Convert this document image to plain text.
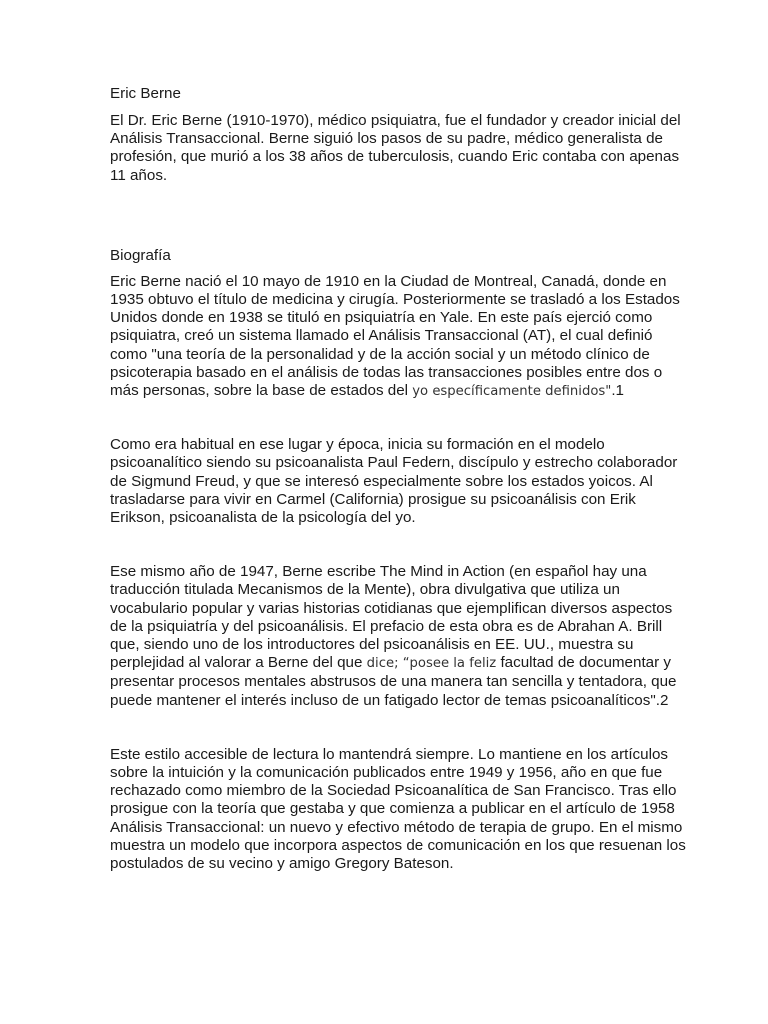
Eric Berne

El Dr. Eric Berne (1910-1970), médico psiquiatra, fue el fundador y creador inicial del Análisis Transaccional. Berne siguió los pasos de su padre, médico generalista de profesión, que murió a los 38 años de tuberculosis, cuando Eric contaba con apenas 11 años.

Biografía

Eric Berne nació el 10 mayo de 1910 en la Ciudad de Montreal, Canadá, donde en 1935 obtuvo el título de medicina y cirugía. Posteriormente se trasladó a los Estados Unidos donde en 1938 se tituló en psiquiatría en Yale. En este país ejerció como psiquiatra, creó un sistema llamado el Análisis Transaccional (AT), el cual definió como "una teoría de la personalidad y de la acción social y un método clínico de psicoterapia basado en el análisis de todas las transacciones posibles entre dos o más personas, sobre la base de estados del yo específicamente definidos".1

Como era habitual en ese lugar y época, inicia su formación en el modelo psicoanalítico siendo su psicoanalista Paul Federn, discípulo y estrecho colaborador de Sigmund Freud, y que se interesó especialmente sobre los estados yoicos. Al trasladarse para vivir en Carmel (California) prosigue su psicoanálisis con Erik Erikson, psicoanalista de la psicología del yo.

Ese mismo año de 1947, Berne escribe The Mind in Action (en español hay una traducción titulada Mecanismos de la Mente), obra divulgativa que utiliza un vocabulario popular y varias historias cotidianas que ejemplifican diversos aspectos de la psiquiatría y del psicoanálisis. El prefacio de esta obra es de Abrahan A. Brill que, siendo uno de los introductores del psicoanálisis en EE. UU., muestra su perplejidad al valorar a Berne del que dice; “posee la feliz facultad de documentar y presentar procesos mentales abstrusos de una manera tan sencilla y tentadora, que puede mantener el interés incluso de un fatigado lector de temas psicoanalíticos".2

Este estilo accesible de lectura lo mantendrá siempre. Lo mantiene en los artículos sobre la intuición y la comunicación publicados entre 1949 y 1956, año en que fue rechazado como miembro de la Sociedad Psicoanalítica de San Francisco. Tras ello prosigue con la teoría que gestaba y que comienza a publicar en el artículo de 1958 Análisis Transaccional: un nuevo y efectivo método de terapia de grupo. En el mismo muestra un modelo que incorpora aspectos de comunicación en los que resuenan los postulados de su vecino y amigo Gregory Bateson.
